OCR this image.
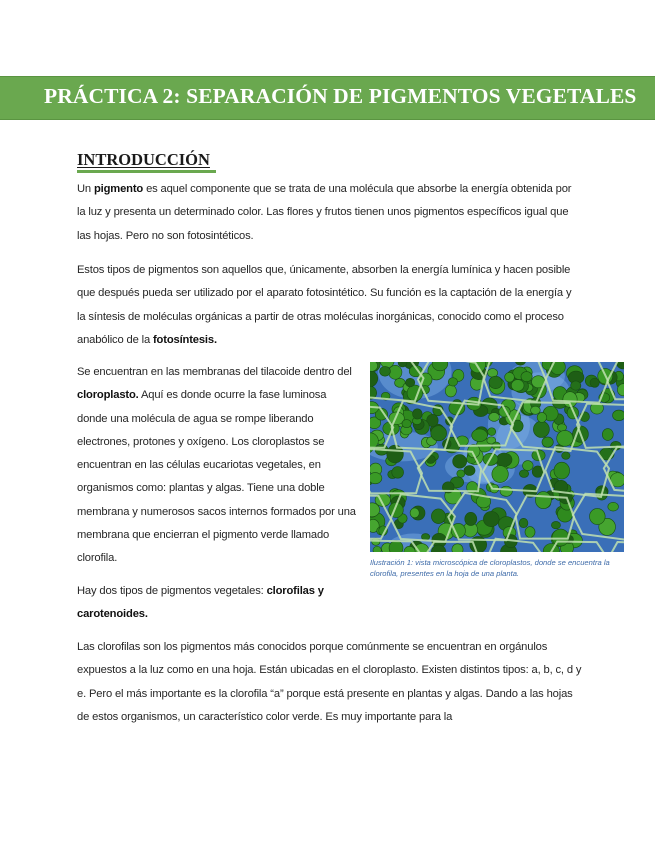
PRÁCTICA 2: SEPARACIÓN DE PIGMENTOS VEGETALES
INTRODUCCIÓN

Un pigmento es aquel componente que se trata de una molécula que absorbe la energía obtenida por la luz y presenta un determinado color. Las flores y frutos tienen unos pigmentos específicos igual que las hojas. Pero no son fotosintéticos.

Estos tipos de pigmentos son aquellos que, únicamente, absorben la energía lumínica y hacen posible que después pueda ser utilizado por el aparato fotosintético. Su función es la captación de la energía y la síntesis de moléculas orgánicas a partir de otras moléculas inorgánicas, conocido como el proceso anabólico de la fotosíntesis.

Se encuentran en las membranas del tilacoide dentro del cloroplasto. Aquí es donde ocurre la fase luminosa donde una molécula de agua se rompe liberando electrones, protones y oxígeno. Los cloroplastos se encuentran en las células eucariotas vegetales, en organismos como: plantas y algas. Tiene una doble membrana y numerosos sacos internos formados por una membrana que encierran el pigmento verde llamado clorofila.	Ilustración 1: vista microscópica de cloroplastos, donde se encuentra la clorofila, presentes en la hoja de una planta.

Hay dos tipos de pigmentos vegetales: clorofilas y carotenoides.

Las clorofilas son los pigmentos más conocidos porque comúnmente se encuentran en orgánulos expuestos a la luz como en una hoja. Están ubicadas en el cloroplasto. Existen distintos tipos: a, b, c, d y e. Pero el más importante es la clorofila “a” porque está presente en plantas y algas. Dando a las hojas de estos organismos, un característico color verde. Es muy importante para la
